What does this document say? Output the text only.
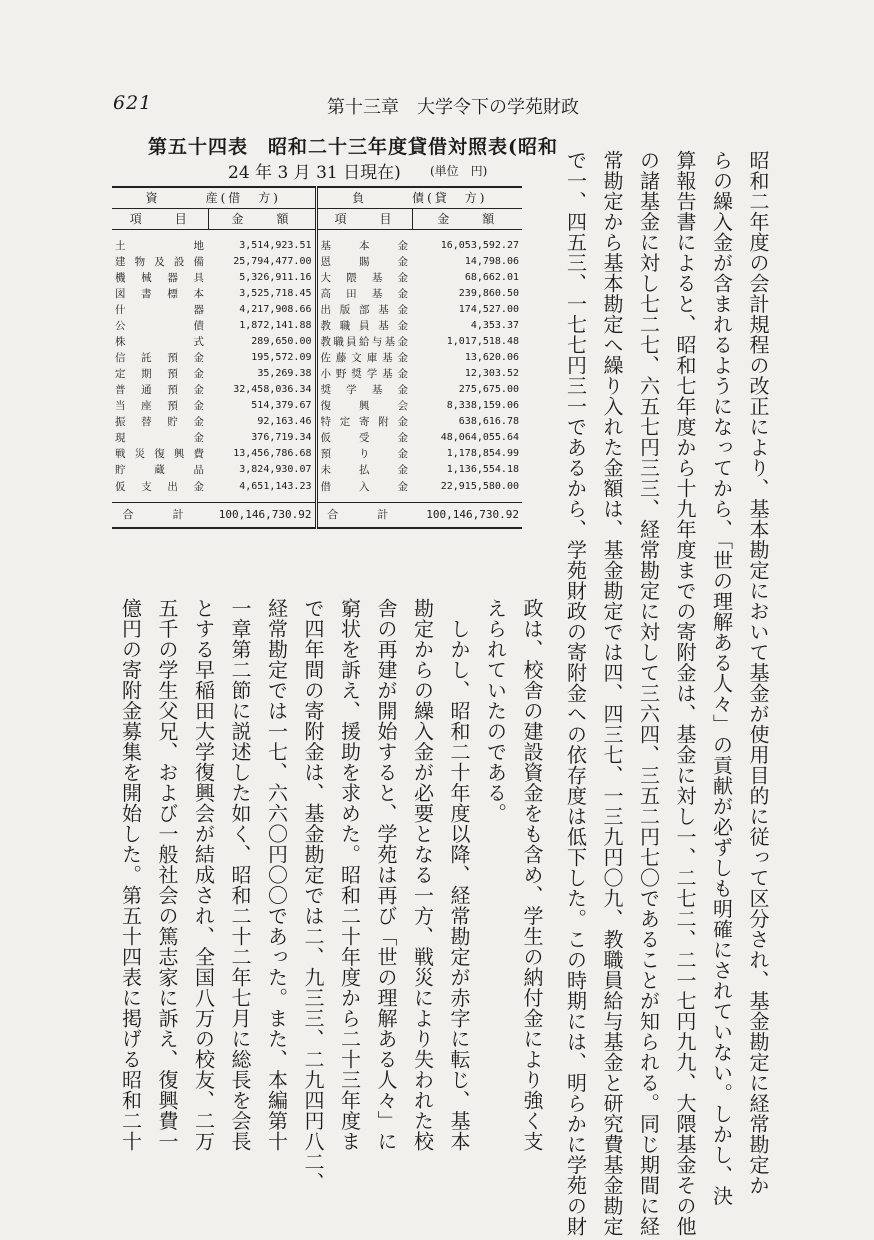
621	第十三章 大学令下の学苑財政
第五十四表　昭和二十三年度貸借対照表(昭和
24 年 3 月 31 日現在) (単位　円)
資　　　産(借　方)		負　　　債(貸　方)	
項　　目	金　　額	項　　目	金　　額
土地	3,514,923.51	基本金	16,053,592.27
建物及設備	25,794,477.00	恩賜金	14,798.06
機械器具	5,326,911.16	大隈基金	68,662.01
図書標本	3,525,718.45	高田基金	239,860.50
什器	4,217,908.66	出版部基金	174,527.00
公債	1,872,141.88	教職員基金	4,353.37
株式	289,650.00	教職員給与基金	1,017,518.48
信託預金	195,572.09	佐藤文庫基金	13,620.06
定期預金	35,269.38	小野奨学基金	12,303.52
普通預金	32,458,036.34	奨学基金	275,675.00
当座預金	514,379.67	復興会	8,338,159.06
振替貯金	92,163.46	特定寄附金	638,616.78
現金	376,719.34	仮受金	48,064,055.64
戦災復興費	13,456,786.68	預り金	1,178,854.99
貯蔵品	3,824,930.07	未払金	1,136,554.18
仮支出金	4,651,143.23	借入金	22,915,580.00
合　計	100,146,730.92	合　計	100,146,730.92	昭和二年度の会計規程の改正により、基本勘定において基金が使用目的に従って区分され、基金勘定に経常勘定か
らの繰入金が含まれるようになってから、「世の理解ある人々」の貢献が必ずしも明確にされていない。しかし、決
算報告書によると、昭和七年度から十九年度までの寄附金は、基金に対し一、二七二、二一七円九九、大隈基金その他
の諸基金に対し七二七、六五七円三三、経常勘定に対して三六四、三五二円七〇であることが知られる。同じ期間に経
常勘定から基本勘定へ繰り入れた金額は、基金勘定では四、四三七、一三九円〇九、教職員給与基金と研究費基金勘定
で一、四五三、一七七円三一であるから、学苑財政の寄附金への依存度は低下した。この時期には、明らかに学苑の財
政は、校舎の建設資金をも含め、学生の納付金により強く支
えられていたのである。
　しかし、昭和二十年度以降、経常勘定が赤字に転じ、基本
勘定からの繰入金が必要となる一方、戦災により失われた校
舎の再建が開始すると、学苑は再び「世の理解ある人々」に
窮状を訴え、援助を求めた。昭和二十年度から二十三年度ま
で四年間の寄附金は、基金勘定では二、九三三、二九四円八二、
経常勘定では一七、六六〇円〇〇であった。また、本編第十
一章第二節に説述した如く、昭和二十二年七月に総長を会長
とする早稲田大学復興会が結成され、全国八万の校友、二万
五千の学生父兄、および一般社会の篤志家に訴え、復興費一
億円の寄附金募集を開始した。第五十四表に掲げる昭和二十
